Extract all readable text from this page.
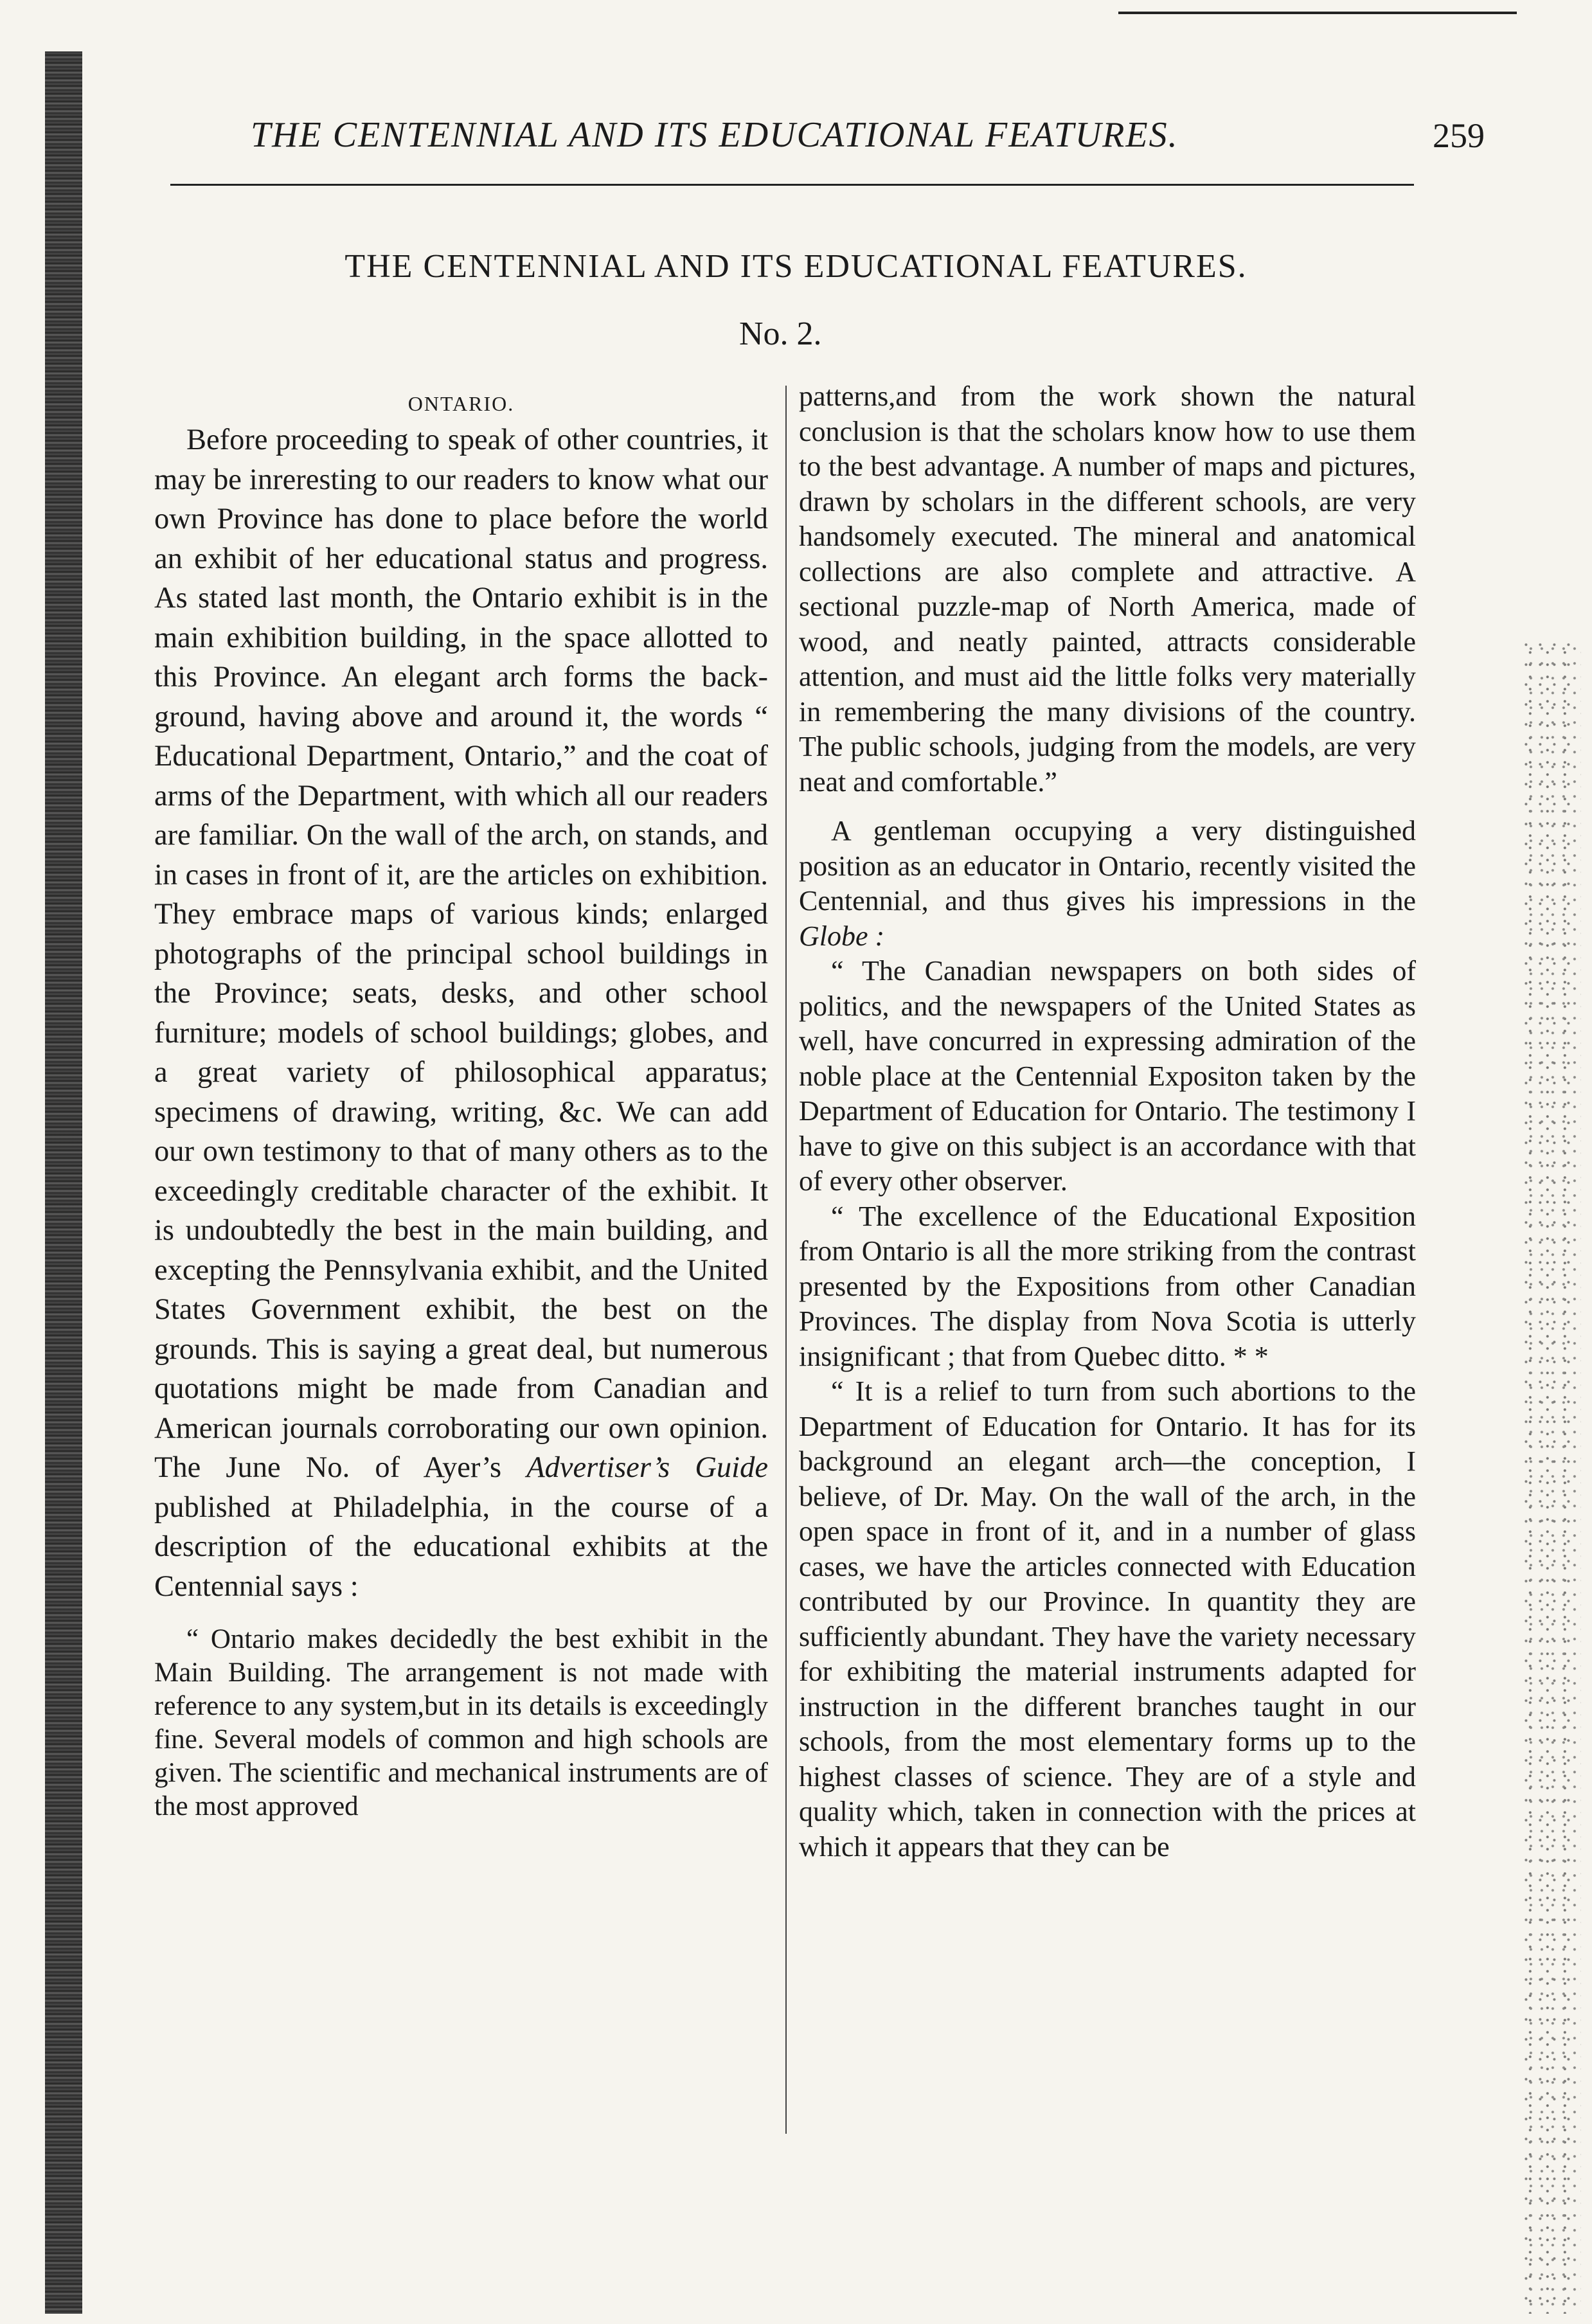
THE CENTENNIAL AND ITS EDUCATIONAL FEATURES.	259
THE CENTENNIAL AND ITS EDUCATIONAL FEATURES.
No. 2.
ONTARIO.

Before proceeding to speak of other countries, it may be inreresting to our readers to know what our own Province has done to place before the world an exhibit of her educational status and progress. As stated last month, the Ontario exhibit is in the main exhibition building, in the space allotted to this Province. An elegant arch forms the back-ground, having above and around it, the words “ Educational Department, Ontario,” and the coat of arms of the Department, with which all our readers are familiar. On the wall of the arch, on stands, and in cases in front of it, are the articles on exhibition. They embrace maps of various kinds; enlarged photographs of the principal school buildings in the Province; seats, desks, and other school furniture; models of school buildings; globes, and a great variety of philosophical apparatus; specimens of drawing, writing, &c. We can add our own testimony to that of many others as to the exceedingly creditable character of the exhibit. It is undoubtedly the best in the main building, and excepting the Pennsylvania exhibit, and the United States Government exhibit, the best on the grounds. This is saying a great deal, but numerous quotations might be made from Canadian and American journals corroborating our own opinion. The June No. of Ayer’s Advertiser’s Guide published at Philadelphia, in the course of a description of the educational exhibits at the Centennial says :

“ Ontario makes decidedly the best exhibit in the Main Building. The arrangement is not made with reference to any system,but in its details is exceedingly fine. Several models of common and high schools are given. The scientific and mechanical instruments are of the most approved

patterns,and from the work shown the natural conclusion is that the scholars know how to use them to the best advantage. A number of maps and pictures, drawn by scholars in the different schools, are very handsomely executed. The mineral and anatomical collections are also complete and attractive. A sectional puzzle-map of North America, made of wood, and neatly painted, attracts considerable attention, and must aid the little folks very materially in remembering the many divisions of the country. The public schools, judging from the models, are very neat and comfortable.”

A gentleman occupying a very distinguished position as an educator in Ontario, recently visited the Centennial, and thus gives his impressions in the Globe :

“ The Canadian newspapers on both sides of politics, and the newspapers of the United States as well, have concurred in expressing admiration of the noble place at the Centennial Expositon taken by the Department of Education for Ontario. The testimony I have to give on this subject is an accordance with that of every other observer.

“ The excellence of the Educational Exposition from Ontario is all the more striking from the contrast presented by the Expositions from other Canadian Provinces. The display from Nova Scotia is utterly insignificant ; that from Quebec ditto. * *

“ It is a relief to turn from such abortions to the Department of Education for Ontario. It has for its background an elegant arch—the conception, I believe, of Dr. May. On the wall of the arch, in the open space in front of it, and in a number of glass cases, we have the articles connected with Education contributed by our Province. In quantity they are sufficiently abundant. They have the variety necessary for exhibiting the material instruments adapted for instruction in the different branches taught in our schools, from the most elementary forms up to the highest classes of science. They are of a style and quality which, taken in connection with the prices at which it appears that they can be
